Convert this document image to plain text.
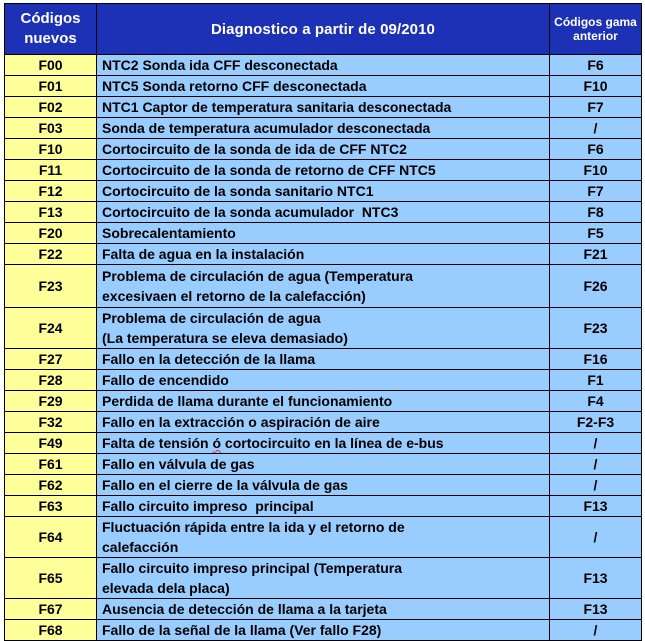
Códigos nuevos	Diagnostico a partir de 09/2010	Códigos gama anterior
F00	NTC2 Sonda ida CFF desconectada	F6
F01	NTC5 Sonda retorno CFF desconectada	F10
F02	NTC1 Captor de temperatura sanitaria desconectada	F7
F03	Sonda de temperatura acumulador desconectada	/
F10	Cortocircuito de la sonda de ida de CFF NTC2	F6
F11	Cortocircuito de la sonda de retorno de CFF NTC5	F10
F12	Cortocircuito de la sonda sanitario NTC1	F7
F13	Cortocircuito de la sonda acumulador  NTC3	F8
F20	Sobrecalentamiento	F5
F22	Falta de agua en la instalación	F21
F23	Problema de circulación de agua (Temperatura
excesivaen el retorno de la calefacción)	F26
F24	Problema de circulación de agua
(La temperatura se eleva demasiado)	F23
F27	Fallo en la detección de la llama	F16
F28	Fallo de encendido	F1
F29	Perdida de llama durante el funcionamiento	F4
F32	Fallo en la extracción o aspiración de aire	F2-F3
F49	Falta de tensión ó cortocircuito en la línea de e-bus	/
F61	Fallo en válvula de gas	/
F62	Fallo en el cierre de la válvula de gas	/
F63	Fallo circuito impreso  principal	F13
F64	Fluctuación rápida entre la ida y el retorno de
calefacción	/
F65	Fallo circuito impreso principal (Temperatura
elevada dela placa)	F13
F67	Ausencia de detección de llama a la tarjeta	F13
F68	Fallo de la señal de la llama (Ver fallo F28)	/
